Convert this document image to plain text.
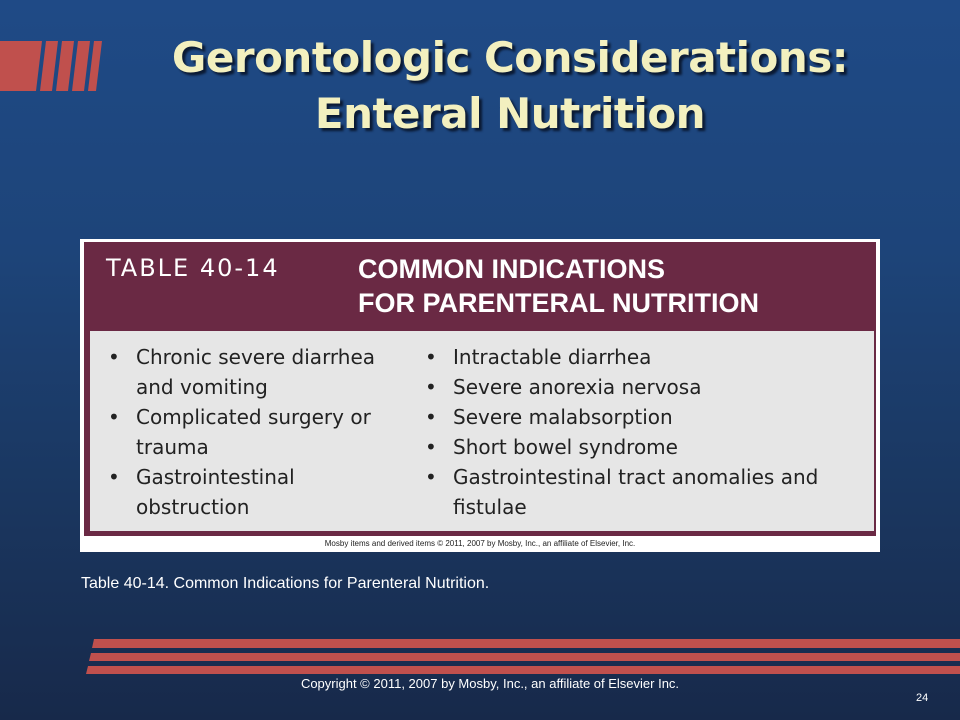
Gerontologic Considerations:
Enteral Nutrition
TABLE 40-14	COMMON INDICATIONS
FOR PARENTERAL NUTRITION
• Chronic severe diarrhea
and vomiting
• Complicated surgery or
trauma
• Gastrointestinal
obstruction
• Intractable diarrhea
• Severe anorexia nervosa
• Severe malabsorption
• Short bowel syndrome
• Gastrointestinal tract anomalies and
fistulae
Mosby items and derived items © 2011, 2007 by Mosby, Inc., an affiliate of Elsevier, Inc.
Table 40-14. Common Indications for Parenteral Nutrition.
Copyright © 2011, 2007 by Mosby, Inc., an affiliate of Elsevier Inc.
24
